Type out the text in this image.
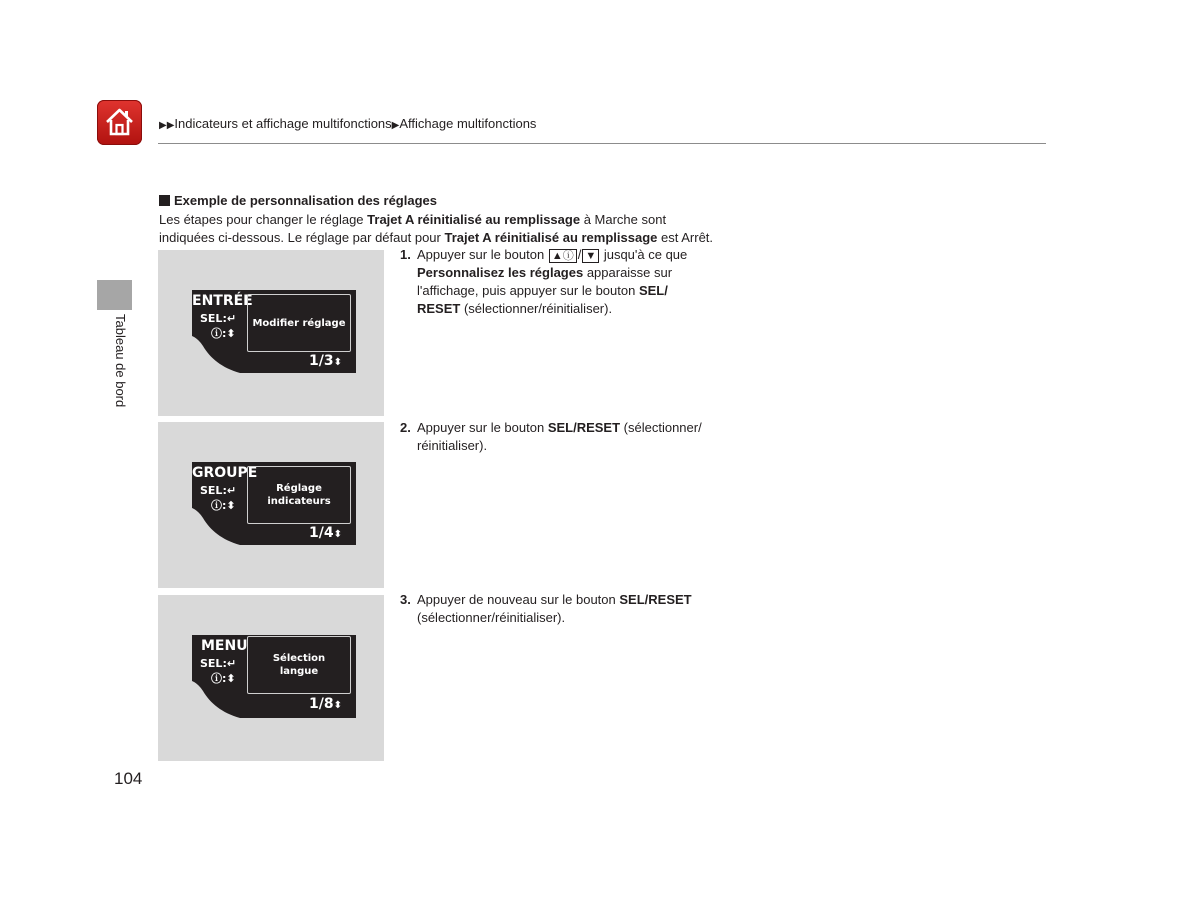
▶▶Indicateurs et affichage multifonctions▶Affichage multifonctions
Tableau de bord
Exemple de personnalisation des réglages
Les étapes pour changer le réglage Trajet A réinitialisé au remplissage à Marche sont indiquées ci-dessous. Le réglage par défaut pour Trajet A réinitialisé au remplissage est Arrêt.
ENTRÉE
SEL:↵
ⓘ:⬍
Modifier réglage
1/3⬍
GROUPE
SEL:↵
ⓘ:⬍
Réglage
indicateurs
1/4⬍
MENU
SEL:↵
ⓘ:⬍
Sélection
langue
1/8⬍
1. Appuyer sur le bouton ▲ⓘ / ▼ jusqu'à ce que Personnalisez les réglages apparaisse sur l'affichage, puis appuyer sur le bouton SEL/ RESET (sélectionner/réinitialiser).
2. Appuyer sur le bouton SEL/RESET (sélectionner/ réinitialiser).
3. Appuyer de nouveau sur le bouton SEL/RESET (sélectionner/réinitialiser).
104
